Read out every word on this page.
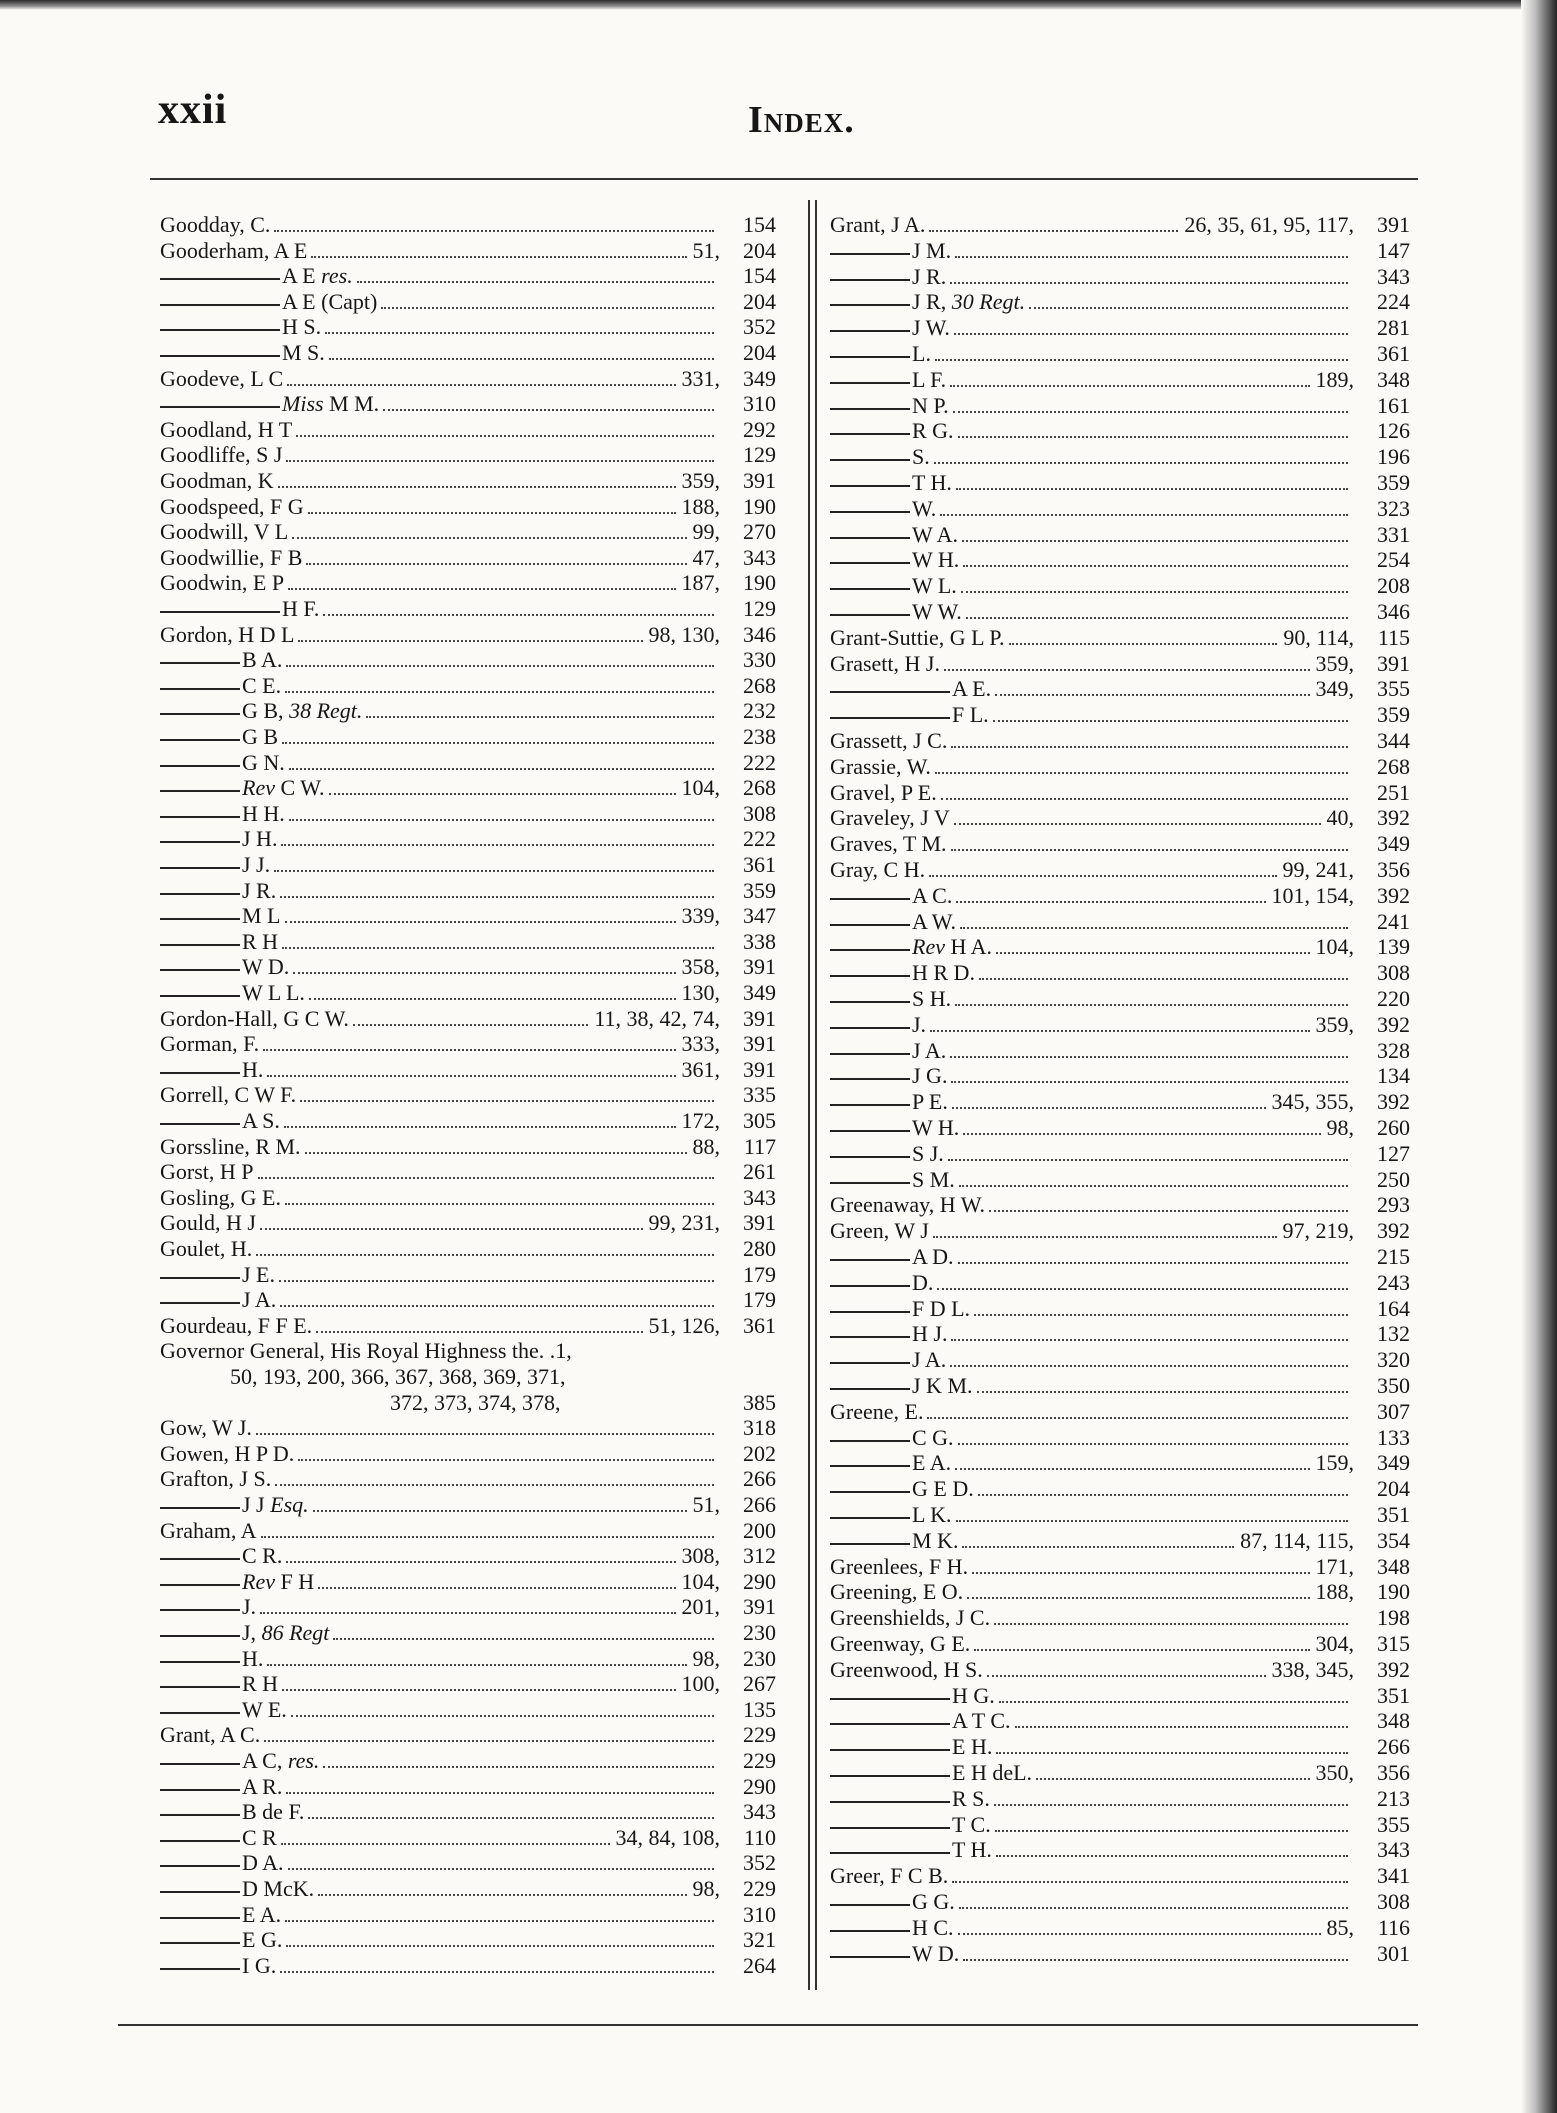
xxii	Index.
Goodday, C.	154
Gooderham, A E	51,	204
A E res.	154
A E (Capt)	204
H S.	352
M S.	204
Goodeve, L C	331,	349
Miss M M.	310
Goodland, H T	292
Goodliffe, S J	129
Goodman, K	359,	391
Goodspeed, F G	188,	190
Goodwill, V L	99,	270
Goodwillie, F B	47,	343
Goodwin, E P	187,	190
H F.	129
Gordon, H D L	98, 130,	346
B A.	330
C E.	268
G B, 38 Regt.	232
G B	238
G N.	222
Rev C W.	104,	268
H H.	308
J H.	222
J J.	361
J R.	359
M L	339,	347
R H	338
W D.	358,	391
W L L.	130,	349
Gordon-Hall, G C W.	11, 38, 42, 74,	391
Gorman, F.	333,	391
H.	361,	391
Gorrell, C W F.	335
A S.	172,	305
Gorssline, R M.	88,	117
Gorst, H P	261
Gosling, G E.	343
Gould, H J	99, 231,	391
Goulet, H.	280
J E.	179
J A.	179
Gourdeau, F F E.	51, 126,	361
Governor General, His Royal Highness the. .1,
50, 193, 200, 366, 367, 368, 369, 371,
372, 373, 374, 378,	385
Gow, W J.	318
Gowen, H P D.	202
Grafton, J S.	266
J J Esq.	51,	266
Graham, A	200
C R.	308,	312
Rev F H	104,	290
J.	201,	391
J, 86 Regt	230
H.	98,	230
R H	100,	267
W E.	135
Grant, A C.	229
A C, res.	229
A R.	290
B de F.	343
C R	34, 84, 108,	110
D A.	352
D McK.	98,	229
E A.	310
E G.	321
I G.	264
Grant, J A.	26, 35, 61, 95, 117,	391
J M.	147
J R.	343
J R, 30 Regt.	224
J W.	281
L.	361
L F.	189,	348
N P.	161
R G.	126
S.	196
T H.	359
W.	323
W A.	331
W H.	254
W L.	208
W W.	346
Grant-Suttie, G L P.	90, 114,	115
Grasett, H J.	359,	391
A E.	349,	355
F L.	359
Grassett, J C.	344
Grassie, W.	268
Gravel, P E.	251
Graveley, J V	40,	392
Graves, T M.	349
Gray, C H.	99, 241,	356
A C.	101, 154,	392
A W.	241
Rev H A.	104,	139
H R D.	308
S H.	220
J.	359,	392
J A.	328
J G.	134
P E.	345, 355,	392
W H.	98,	260
S J.	127
S M.	250
Greenaway, H W.	293
Green, W J	97, 219,	392
A D.	215
D.	243
F D L.	164
H J.	132
J A.	320
J K M.	350
Greene, E.	307
C G.	133
E A.	159,	349
G E D.	204
L K.	351
M K.	87, 114, 115,	354
Greenlees, F H.	171,	348
Greening, E O.	188,	190
Greenshields, J C.	198
Greenway, G E.	304,	315
Greenwood, H S.	338, 345,	392
H G.	351
A T C.	348
E H.	266
E H deL.	350,	356
R S.	213
T C.	355
T H.	343
Greer, F C B.	341
G G.	308
H C.	85,	116
W D.	301
